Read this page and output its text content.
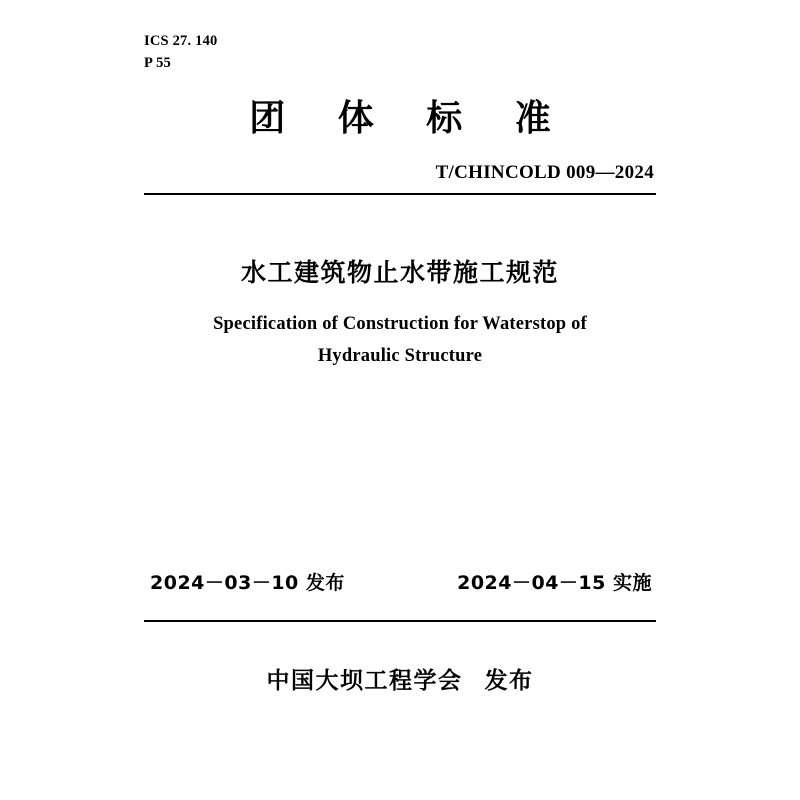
ICS 27. 140
P 55
团 体 标 准
T/CHINCOLD 009—2024
水工建筑物止水带施工规范
Specification of Construction for Waterstop of
Hydraulic Structure
2024－03－10 发布	2024－04－15 实施
中国大坝工程学会 发布
